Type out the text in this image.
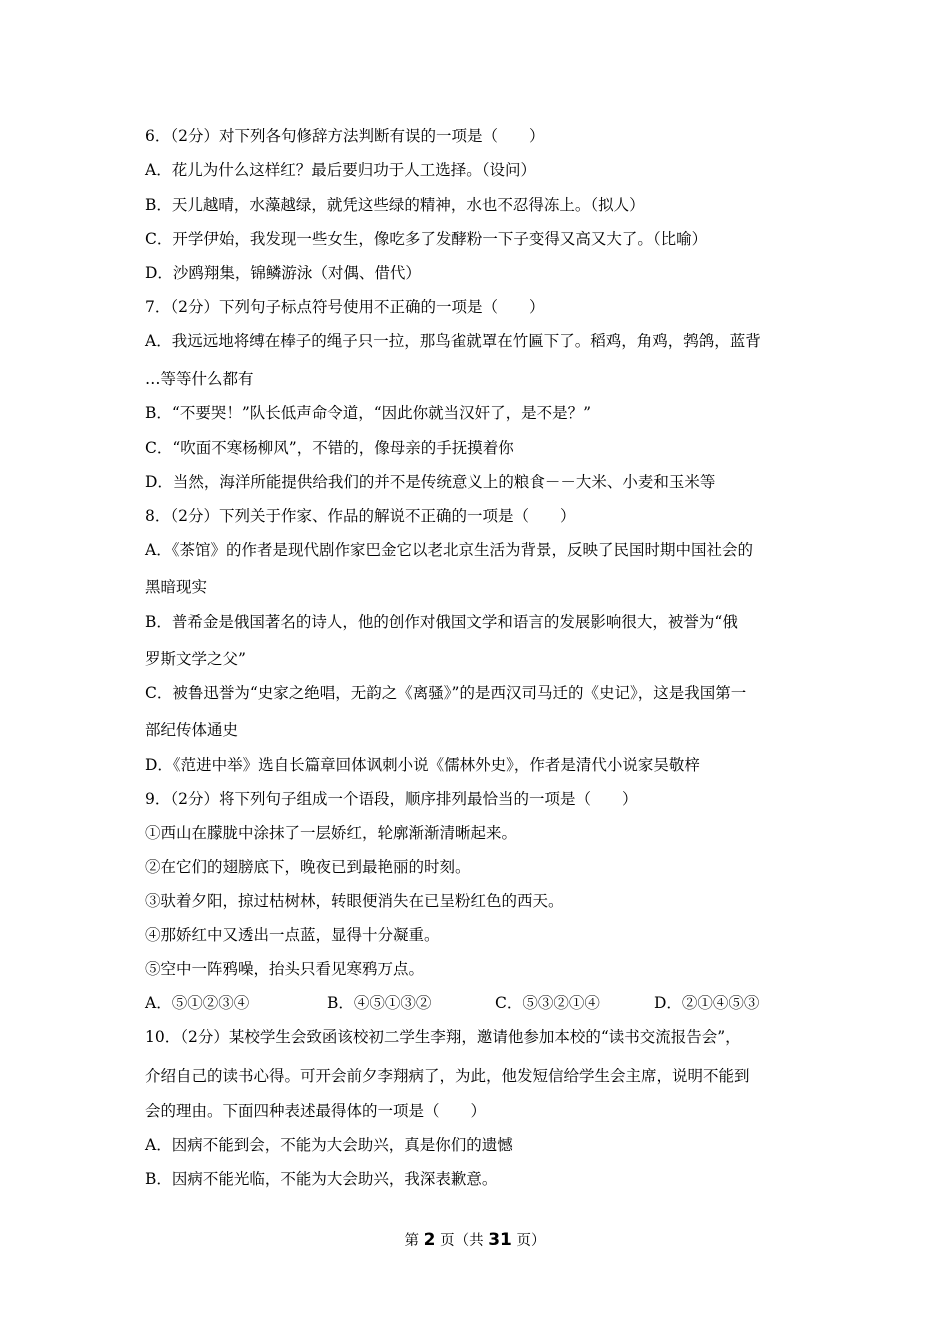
6．（2分）对下列各句修辞方法判断有误的一项是（　　）

A．花儿为什么这样红？最后要归功于人工选择。（设问）

B．天儿越晴，水藻越绿，就凭这些绿的精神，水也不忍得冻上。（拟人）

C．开学伊始，我发现一些女生，像吃多了发酵粉一下子变得又高又大了。（比喻）

D．沙鸥翔集，锦鳞游泳（对偶、借代）

7．（2分）下列句子标点符号使用不正确的一项是（　　）

A．我远远地将缚在棒子的绳子只一拉，那鸟雀就罩在竹匾下了。稻鸡，角鸡，鹁鸽，蓝背

…等等什么都有

B．“不要哭！”队长低声命令道，“因此你就当汉奸了，是不是？”

C．“吹面不寒杨柳风”，不错的，像母亲的手抚摸着你

D．当然，海洋所能提供给我们的并不是传统意义上的粮食－－大米、小麦和玉米等

8．（2分）下列关于作家、作品的解说不正确的一项是（　　）

A．《茶馆》的作者是现代剧作家巴金它以老北京生活为背景，反映了民国时期中国社会的

黑暗现实

B．普希金是俄国著名的诗人，他的创作对俄国文学和语言的发展影响很大，被誉为“俄

罗斯文学之父”

C．被鲁迅誉为“史家之绝唱，无韵之《离骚》”的是西汉司马迁的《史记》，这是我国第一

部纪传体通史

D．《范进中举》选自长篇章回体讽刺小说《儒林外史》，作者是清代小说家吴敬梓

9．（2分）将下列句子组成一个语段，顺序排列最恰当的一项是（　　）

①西山在朦胧中涂抹了一层娇红，轮廓渐渐清晰起来。

②在它们的翅膀底下，晚夜已到最艳丽的时刻。

③驮着夕阳，掠过枯树林，转眼便消失在已呈粉红色的西天。

④那娇红中又透出一点蓝，显得十分凝重。

⑤空中一阵鸦噪，抬头只看见寒鸦万点。

A．⑤①②③④	B．④⑤①③②	C．⑤③②①④	D．②①④⑤③

10．（2分）某校学生会致函该校初二学生李翔，邀请他参加本校的“读书交流报告会”，

介绍自己的读书心得。可开会前夕李翔病了，为此，他发短信给学生会主席，说明不能到

会的理由。下面四种表述最得体的一项是（　　）

A．因病不能到会，不能为大会助兴，真是你们的遗憾

B．因病不能光临，不能为大会助兴，我深表歉意。

第 2 页（共 31 页）
